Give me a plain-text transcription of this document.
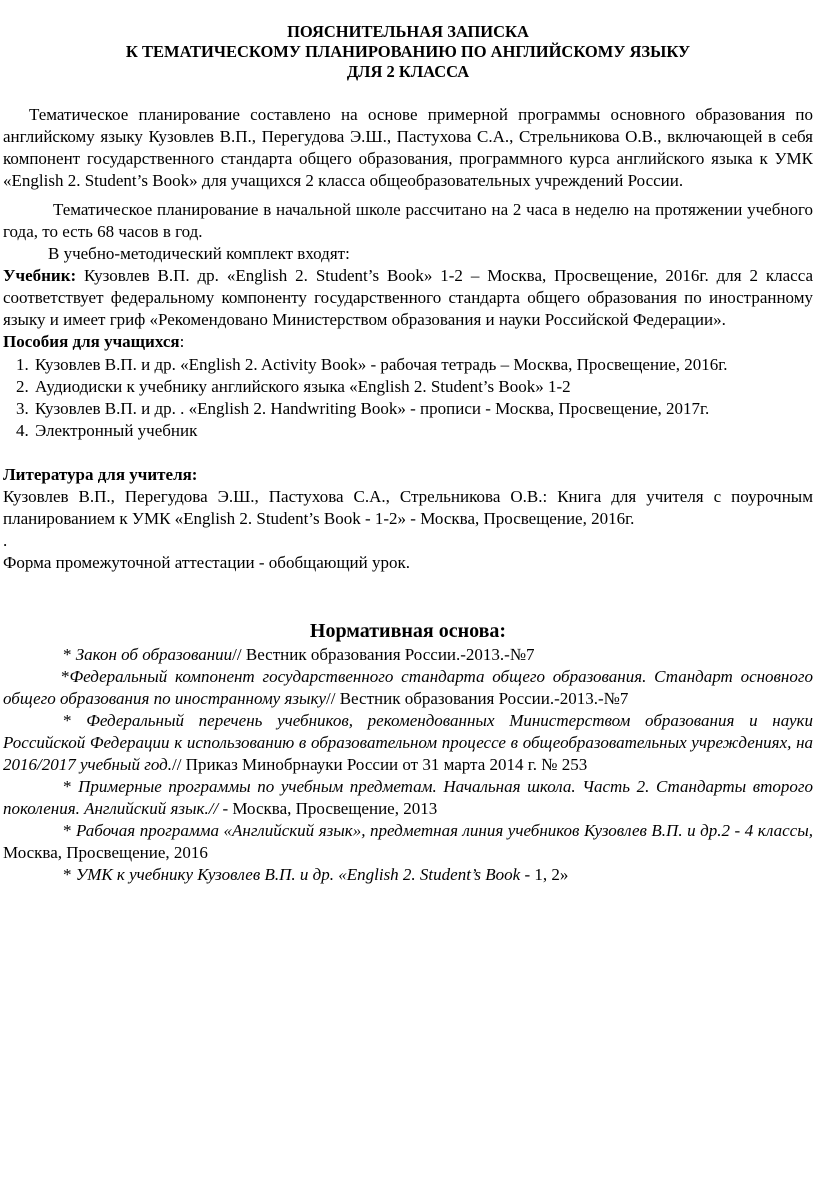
ПОЯСНИТЕЛЬНАЯ ЗАПИСКА

К ТЕМАТИЧЕСКОМУ ПЛАНИРОВАНИЮ ПО АНГЛИЙСКОМУ ЯЗЫКУ

ДЛЯ 2 КЛАССА

Тематическое планирование составлено на основе примерной программы основного образования по английскому языку Кузовлев В.П., Перегудова Э.Ш., Пастухова С.А., Стрельникова О.В., включающей в себя компонент государственного стандарта общего образования, программного курса английского языка к УМК «English 2. Student’s Book» для учащихся 2 класса общеобразовательных учреждений России.

Тематическое планирование в начальной школе рассчитано на 2 часа в неделю на протяжении учебного года, то есть 68 часов в год.

В учебно-методический комплект входят:

Учебник: Кузовлев В.П. др. «English 2. Student’s Book» 1-2 – Москва, Просвещение, 2016г. для 2 класса соответствует федеральному компоненту государственного стандарта общего образования по иностранному языку и имеет гриф «Рекомендовано Министерством образования и науки Российской Федерации».

Пособия для учащихся:

1. Кузовлев В.П. и др. «English 2. Activity Book» - рабочая тетрадь – Москва, Просвещение, 2016г.
2. Аудиодиски к учебнику английского языка «English 2. Student’s Book» 1-2
3. Кузовлев В.П. и др. . «English 2. Handwriting Book» - прописи - Москва, Просвещение, 2017г.
4. Электронный учебник

Литература для учителя:

Кузовлев В.П., Перегудова Э.Ш., Пастухова С.А., Стрельникова О.В.: Книга для учителя с поурочным планированием к УМК «English 2. Student’s Book - 1-2» - Москва, Просвещение, 2016г.

.

Форма промежуточной аттестации - обобщающий урок.

Нормативная основа:

* Закон об образовании// Вестник образования России.-2013.-№7

*Федеральный компонент государственного стандарта общего образования. Стандарт основного общего образования по иностранному языку// Вестник образования России.-2013.-№7

* Федеральный перечень учебников, рекомендованных Министерством образования и науки Российской Федерации к использованию в образовательном процессе в общеобразовательных учреждениях, на 2016/2017 учебный год.// Приказ Минобрнауки России от 31 марта 2014 г. № 253

* Примерные программы по учебным предметам. Начальная школа. Часть 2. Стандарты второго поколения. Английский язык.// - Москва, Просвещение, 2013

* Рабочая программа «Английский язык», предметная линия учебников Кузовлев В.П. и др.2 - 4 классы, Москва, Просвещение, 2016

* УМК к учебнику Кузовлев В.П. и др. «English 2. Student’s Book - 1, 2»
